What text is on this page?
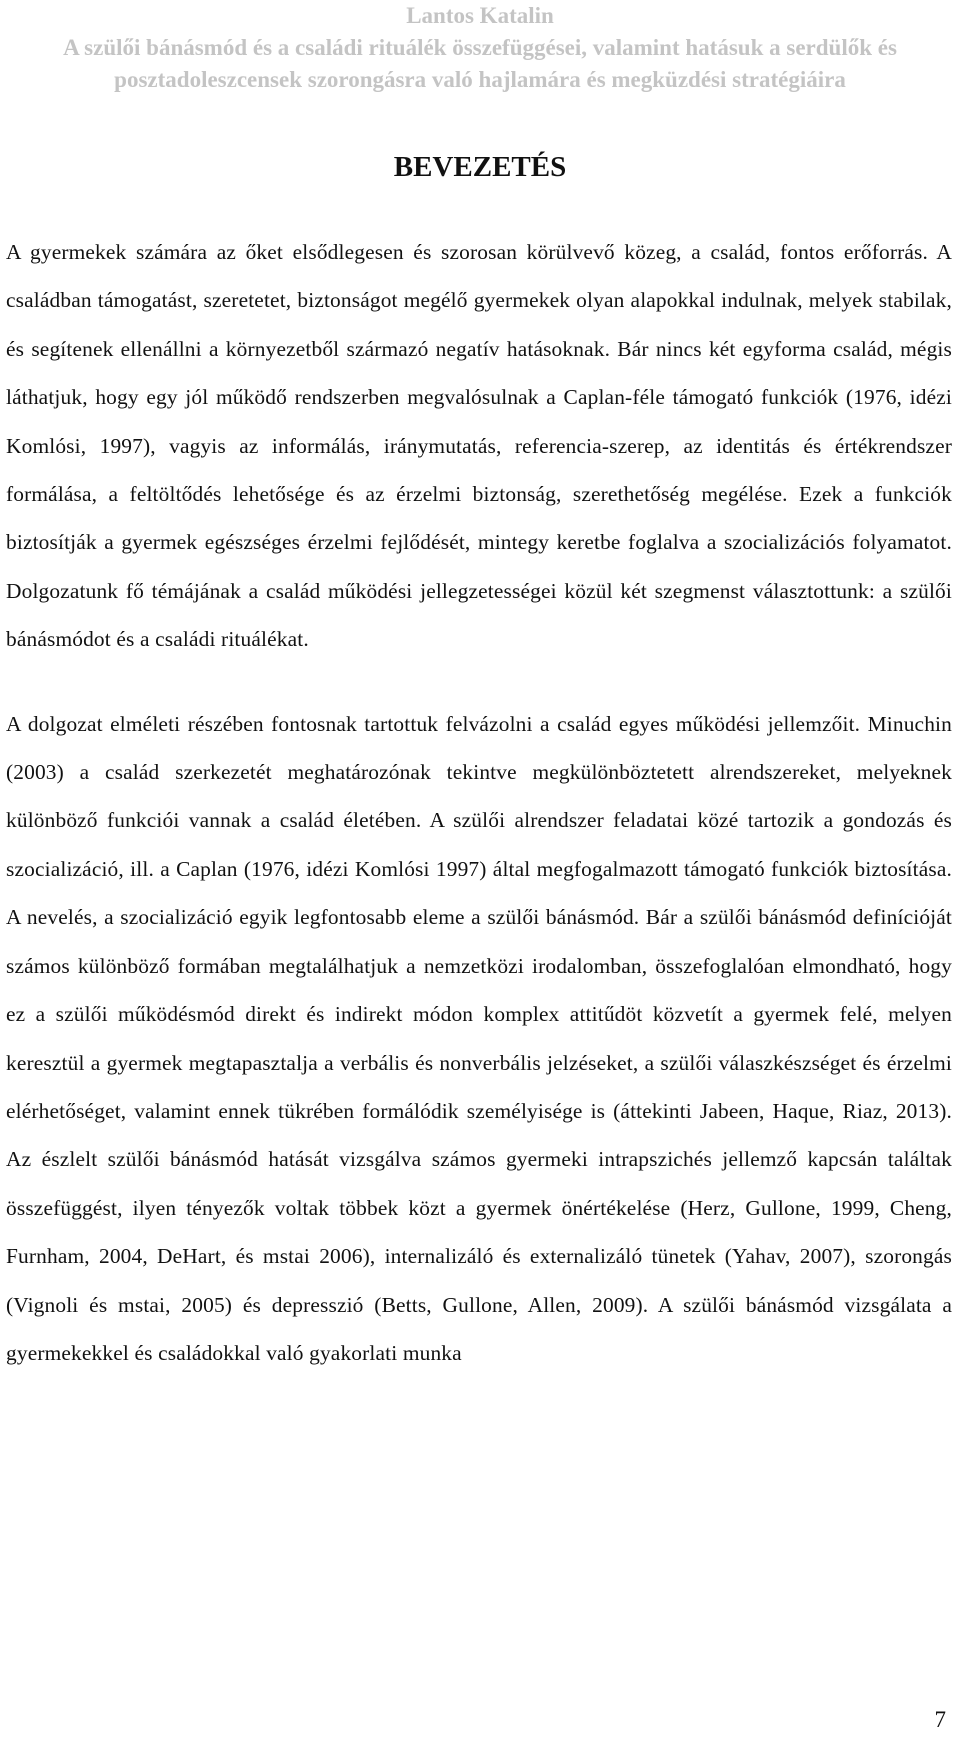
Lantos Katalin
A szülői bánásmód és a családi rituálék összefüggései, valamint hatásuk a serdülők és posztadoleszcensek szorongásra való hajlamára és megküzdési stratégiáira
BEVEZETÉS

A gyermekek számára az őket elsődlegesen és szorosan körülvevő közeg, a család, fontos erőforrás. A családban támogatást, szeretetet, biztonságot megélő gyermekek olyan alapokkal indulnak, melyek stabilak, és segítenek ellenállni a környezetből származó negatív hatásoknak. Bár nincs két egyforma család, mégis láthatjuk, hogy egy jól működő rendszerben megvalósulnak a Caplan-féle támogató funkciók (1976, idézi Komlósi, 1997), vagyis az informálás, iránymutatás, referencia-szerep, az identitás és értékrendszer formálása, a feltöltődés lehetősége és az érzelmi biztonság, szerethetőség megélése. Ezek a funkciók biztosítják a gyermek egészséges érzelmi fejlődését, mintegy keretbe foglalva a szocializációs folyamatot. Dolgozatunk fő témájának a család működési jellegzetességei közül két szegmenst választottunk: a szülői bánásmódot és a családi rituálékat.

A dolgozat elméleti részében fontosnak tartottuk felvázolni a család egyes működési jellemzőit. Minuchin (2003) a család szerkezetét meghatározónak tekintve megkülönböztetett alrendszereket, melyeknek különböző funkciói vannak a család életében. A szülői alrendszer feladatai közé tartozik a gondozás és szocializáció, ill. a Caplan (1976, idézi Komlósi 1997) által megfogalmazott támogató funkciók biztosítása. A nevelés, a szocializáció egyik legfontosabb eleme a szülői bánásmód. Bár a szülői bánásmód definícióját számos különböző formában megtalálhatjuk a nemzetközi irodalomban, összefoglalóan elmondható, hogy ez a szülői működésmód direkt és indirekt módon komplex attitűdöt közvetít a gyermek felé, melyen keresztül a gyermek megtapasztalja a verbális és nonverbális jelzéseket, a szülői válaszkészséget és érzelmi elérhetőséget, valamint ennek tükrében formálódik személyisége is (áttekinti Jabeen, Haque, Riaz, 2013). Az észlelt szülői bánásmód hatását vizsgálva számos gyermeki intrapszichés jellemző kapcsán találtak összefüggést, ilyen tényezők voltak többek közt a gyermek önértékelése (Herz, Gullone, 1999, Cheng, Furnham, 2004, DeHart, és mstai 2006), internalizáló és externalizáló tünetek (Yahav, 2007), szorongás (Vignoli és mstai, 2005) és depresszió (Betts, Gullone, Allen, 2009). A szülői bánásmód vizsgálata a gyermekekkel és családokkal való gyakorlati munka

7
